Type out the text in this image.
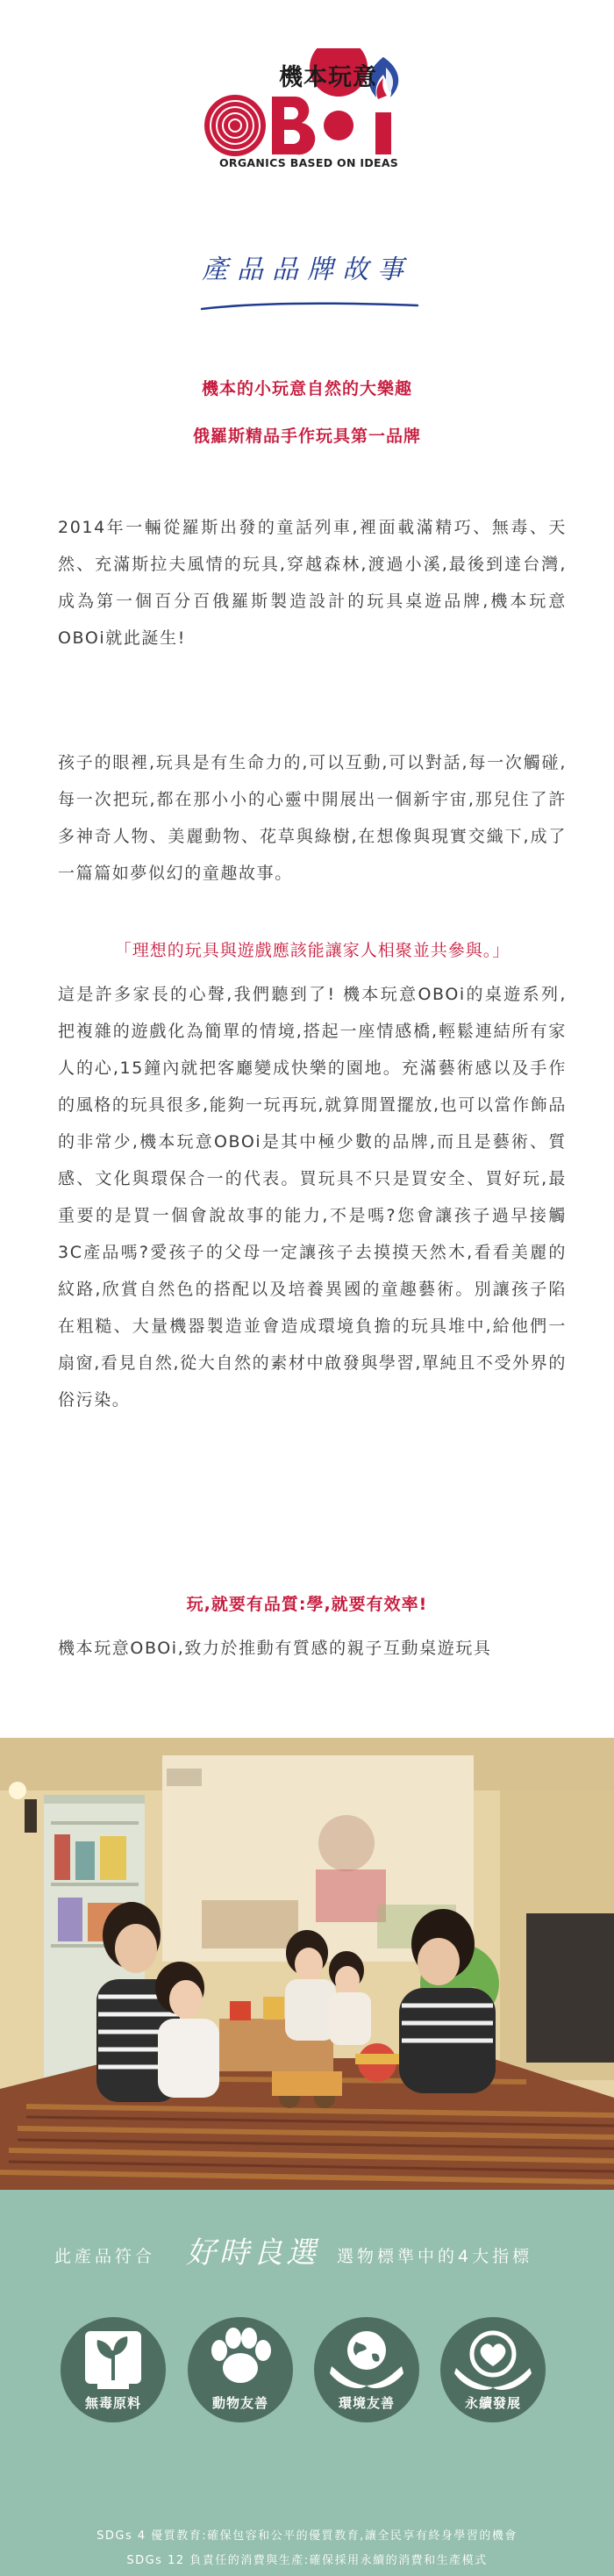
機本玩意
ORGANICS BASED ON IDEAS
產品品牌故事
機本的小玩意自然的大樂趣
俄羅斯精品手作玩具第一品牌
2014年一輛從羅斯出發的童話列車,裡面載滿精巧、無毒、天然、充滿斯拉夫風情的玩具,穿越森林,渡過小溪,最後到達台灣,成為第一個百分百俄羅斯製造設計的玩具桌遊品牌,機本玩意OBOi就此誕生!
孩子的眼裡,玩具是有生命力的,可以互動,可以對話,每一次觸碰,每一次把玩,都在那小小的心靈中開展出一個新宇宙,那兒住了許多神奇人物、美麗動物、花草與綠樹,在想像與現實交織下,成了一篇篇如夢似幻的童趣故事。
「理想的玩具與遊戲應該能讓家人相聚並共參與。」
這是許多家長的心聲,我們聽到了! 機本玩意OBOi的桌遊系列,把複雜的遊戲化為簡單的情境,搭起一座情感橋,輕鬆連結所有家人的心,15鐘內就把客廳變成快樂的園地。充滿藝術感以及手作的風格的玩具很多,能夠一玩再玩,就算閒置擺放,也可以當作飾品的非常少,機本玩意OBOi是其中極少數的品牌,而且是藝術、質感、文化與環保合一的代表。買玩具不只是買安全、買好玩,最重要的是買一個會說故事的能力,不是嗎?您會讓孩子過早接觸3C產品嗎?愛孩子的父母一定讓孩子去摸摸天然木,看看美麗的紋路,欣賞自然色的搭配以及培養異國的童趣藝術。別讓孩子陷在粗糙、大量機器製造並會造成環境負擔的玩具堆中,給他們一扇窗,看見自然,從大自然的素材中啟發與學習,單純且不受外界的俗污染。
玩,就要有品質:學,就要有效率!
機本玩意OBOi,致力於推動有質感的親子互動桌遊玩具
此產品符合 好時良選 選物標準中的4大指標
無毒原料	動物友善	環境友善	永續發展
SDGs 4 優質教育:確保包容和公平的優質教育,讓全民享有終身學習的機會
SDGs 12 負責任的消費與生產:確保採用永續的消費和生產模式
